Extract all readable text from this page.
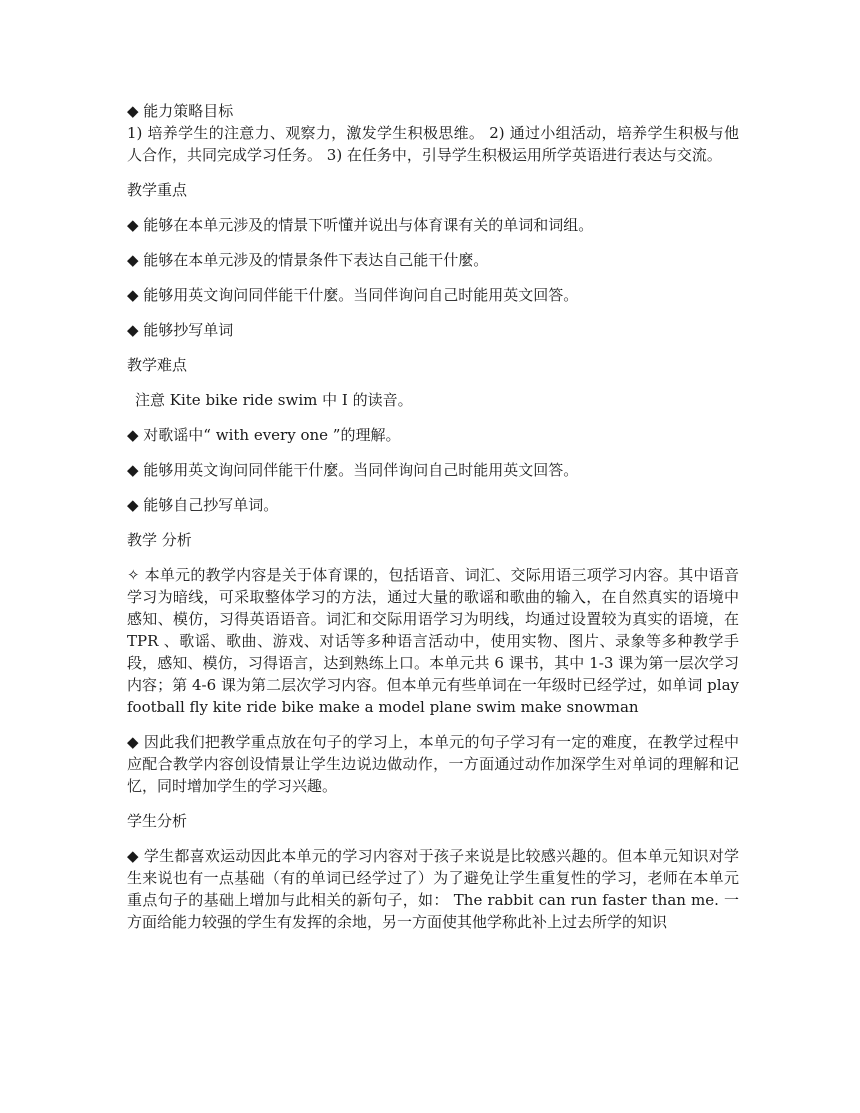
◆ 能力策略目标

1) 培养学生的注意力、观察力，激发学生积极思维。 2) 通过小组活动，培养学生积极与他人合作，共同完成学习任务。 3) 在任务中，引导学生积极运用所学英语进行表达与交流。

教学重点

◆ 能够在本单元涉及的情景下听懂并说出与体育课有关的单词和词组。

◆ 能够在本单元涉及的情景条件下表达自己能干什麼。

◆ 能够用英文询问同伴能干什麼。当同伴询问自己时能用英文回答。

◆ 能够抄写单词

教学难点

注意 Kite bike ride swim 中 I 的读音。

◆ 对歌谣中“ with every one ”的理解。

◆ 能够用英文询问同伴能干什麼。当同伴询问自己时能用英文回答。

◆ 能够自己抄写单词。

教学 分析

✧ 本单元的教学内容是关于体育课的，包括语音、词汇、交际用语三项学习内容。其中语音学习为暗线，可采取整体学习的方法，通过大量的歌谣和歌曲的输入，在自然真实的语境中感知、模仿，习得英语语音。词汇和交际用语学习为明线，均通过设置较为真实的语境，在 TPR 、歌谣、歌曲、游戏、对话等多种语言活动中，使用实物、图片、录象等多种教学手段，感知、模仿，习得语言，达到熟练上口。本单元共 6 课书，其中 1-3 课为第一层次学习内容；第 4-6 课为第二层次学习内容。但本单元有些单词在一年级时已经学过，如单词 play football fly kite ride bike make a model plane swim make snowman

◆ 因此我们把教学重点放在句子的学习上，本单元的句子学习有一定的难度，在教学过程中应配合教学内容创设情景让学生边说边做动作，一方面通过动作加深学生对单词的理解和记忆，同时增加学生的学习兴趣。

学生分析

◆ 学生都喜欢运动因此本单元的学习内容对于孩子来说是比较感兴趣的。但本单元知识对学生来说也有一点基础（有的单词已经学过了）为了避免让学生重复性的学习，老师在本单元重点句子的基础上增加与此相关的新句子，如： The rabbit can run faster than me. 一方面给能力较强的学生有发挥的余地，另一方面使其他学称此补上过去所学的知识
